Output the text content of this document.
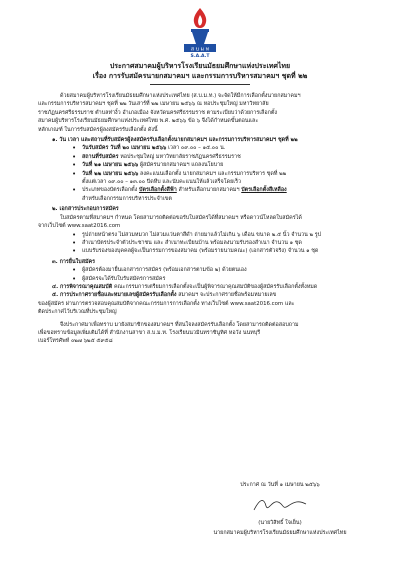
ส บ ม ท
S.A.A.T
ประกาศสมาคมผู้บริหารโรงเรียนมัธยมศึกษาแห่งประเทศไทย
เรื่อง การรับสมัครนายกสมาคมฯ และกรรมการบริหารสมาคมฯ ชุดที่ ๒๒

ด้วยสมาคมผู้บริหารโรงเรียนมัธยมศึกษาแห่งประเทศไทย (ส.บ.ม.ท.) จะจัดให้มีการเลือกตั้งนายกสมาคมฯ

และกรรมการบริหารสมาคมฯ ชุดที่ ๒๒ วันเสาร์ที่ ๒๒ เมษายน ๒๕๖๖ ณ หอประชุมใหญ่ มหาวิทยาลัย

ราชภัฏนครศรีธรรมราช ตำบลท่างิ้ว อำเภอเมือง จังหวัดนครศรีธรรมราช ตามระเบียบว่าด้วยการเลือกตั้ง

สมาคมผู้บริหารโรงเรียนมัธยมศึกษาแห่งประเทศไทย พ.ศ. ๒๕๖๖ ข้อ ๖ จึงได้กำหนดขั้นตอนและ

หลักเกณฑ์ ในการรับสมัครผู้ลงสมัครรับเลือกตั้ง ดังนี้

๑. วัน เวลา และสถานที่รับสมัครผู้ลงสมัครรับเลือกตั้งนายกสมาคมฯ และกรรมการบริหารสมาคมฯ ชุดที่ ๒๒

•	วันรับสมัคร วันที่ ๒๐ เมษายน ๒๕๖๖ เวลา ๐๙.๐๐ – ๑๕.๐๐ น.
•	สถานที่รับสมัคร หอประชุมใหญ่ มหาวิทยาลัยราชภัฏนครศรีธรรมราช
•	วันที่ ๒๑ เมษายน ๒๕๖๖ ผู้สมัครนายกสมาคมฯ แถลงนโยบาย
•	วันที่ ๒๒ เมษายน ๒๕๖๖ ลงคะแนนเลือกตั้ง นายกสมาคมฯ และกรรมการบริหาร ชุดที่ ๒๒
ตั้งแต่เวลา ๐๙.๐๐ – ๑๓.๐๐ ปิดหีบ และนับคะแนนให้แล้วเสร็จโดยเร็ว
•	ประเภทของบัตรเลือกตั้ง บัตรเลือกตั้งสีฟ้า สำหรับเลือกนายกสมาคมฯ บัตรเลือกตั้งสีเหลือง
สำหรับเลือกกรรมการบริหารประจำเขต

๒. เอกสารประกอบการสมัคร

ใบสมัครตามที่สมาคมฯ กำหนด โดยสามารถติดต่อขอรับใบสมัครได้ที่สมาคมฯ หรือดาวน์โหลดใบสมัครได้

จากเว็บไซต์ www.saat2016.com

•	รูปถ่ายหน้าตรง ไม่สวมหมวก ไม่สวมแว่นตาสีดำ ถ่ายมาแล้วไม่เกิน ๖ เดือน ขนาด ๒.๕ นิ้ว จำนวน ๒ รูป
•	สำเนาบัตรประจำตัวประชาชน และ สำเนาทะเบียนบ้าน พร้อมลงนามรับรองสำเนา จำนวน ๑ ชุด
•	แบบรับรองของบุคคลผู้จะเป็นกรรมการของสมาคม (พร้อมรายนามคณะ) (เอกสารตัวจริง) จำนวน ๑ ชุด

๓. การยื่นใบสมัคร

•	ผู้สมัครต้องมายื่นเอกสารการสมัคร (พร้อมเอกสารตามข้อ ๒) ด้วยตนเอง
•	ผู้สมัครจะได้รับใบรับสมัครการสมัคร

๔. การพิจารณาคุณสมบัติ คณะกรรมการเตรียมการเลือกตั้งจะเป็นผู้พิจารณาคุณสมบัติของผู้สมัครรับเลือกตั้งทั้งหมด

๕. การประกาศรายชื่อและหมายเลขผู้สมัครรับเลือกตั้ง สมาคมฯ จะประกาศรายชื่อพร้อมหมายเลข

ของผู้สมัคร ผ่านการตรวจสอบคุณสมบัติจากคณะกรรมการการเลือกตั้ง ทางเว็บไซต์ www.saat2016.com และ

ติดประกาศไว้บริเวณที่ประชุมใหญ่

จึงประกาศมาเพื่อทราบ มายังสมาชิกของสมาคมฯ ที่สนใจลงสมัครรับเลือกตั้ง โดยสามารถติดต่อสอบถาม

เพื่อขอทราบข้อมูลเพิ่มเติมได้ที่ สำนักงานสาขา ส.บ.ม.ท. โรงเรียนนวมินทราชินูทิศ หอวัง นนทบุรี

เบอร์โทรศัพท์ ๐๒๗ ๖๒๕ ๕๙๕๘

ประกาศ ณ วันที่ ๑ เมษายน ๒๕๖๖
(นายวิสิทธิ์ ใจเย็น)
นายกสมาคมผู้บริหารโรงเรียนมัธยมศึกษาแห่งประเทศไทย
